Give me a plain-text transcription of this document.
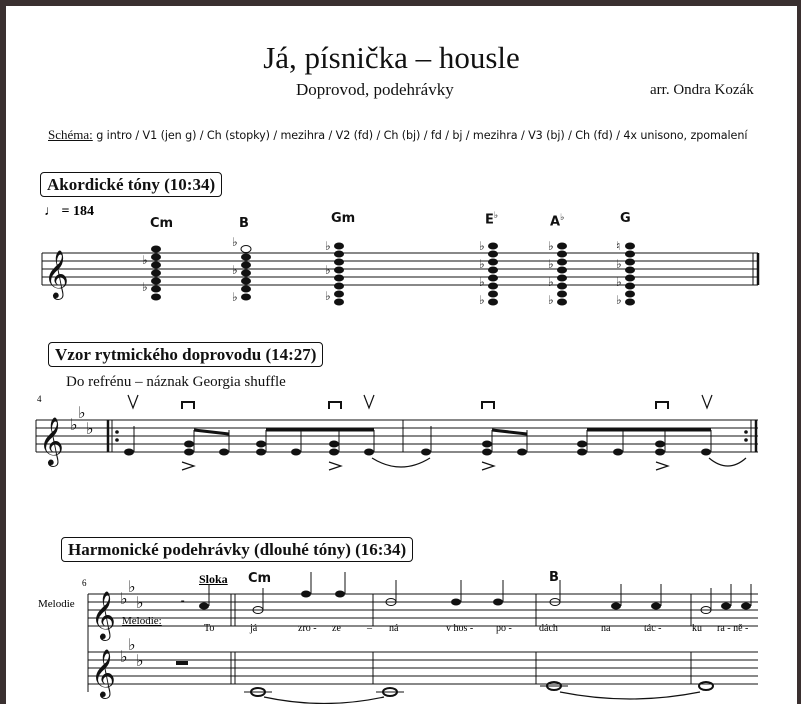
Já, písnička – housle
Doprovod, podehrávky	arr. Ondra Kozák
Schéma: g intro / V1 (jen g) / Ch (stopky) / mezihra / V2 (fd) / Ch (bj) / fd / bj / mezihra / V3 (bj) / Ch (fd) / 4x unisono, zpomalení
Akordické tóny (10:34)
♩ = 184
Cm	B	Gm	E♭	A♭	G
Vzor rytmického doprovodu (14:27)
Do refrénu – náznak Georgia shuffle
4
Harmonické podehrávky (dlouhé tóny) (16:34)
6
Melodie
Sloka
Melodie:
Cm	B
To	já	zro - ze	– ná	v hos - po -	dách	na	tác -	ku ra - ně -
𝄞
𝄞
𝄞
𝄞
♭
♭
♭
♭
♭
♭
♭
♭
♭
♭
♭
♭
♭
♭
♭
♭
♭
♭
♭
♭
♭
♭
♭
♭
♭
♮
♭
♭
♭
𝄼
